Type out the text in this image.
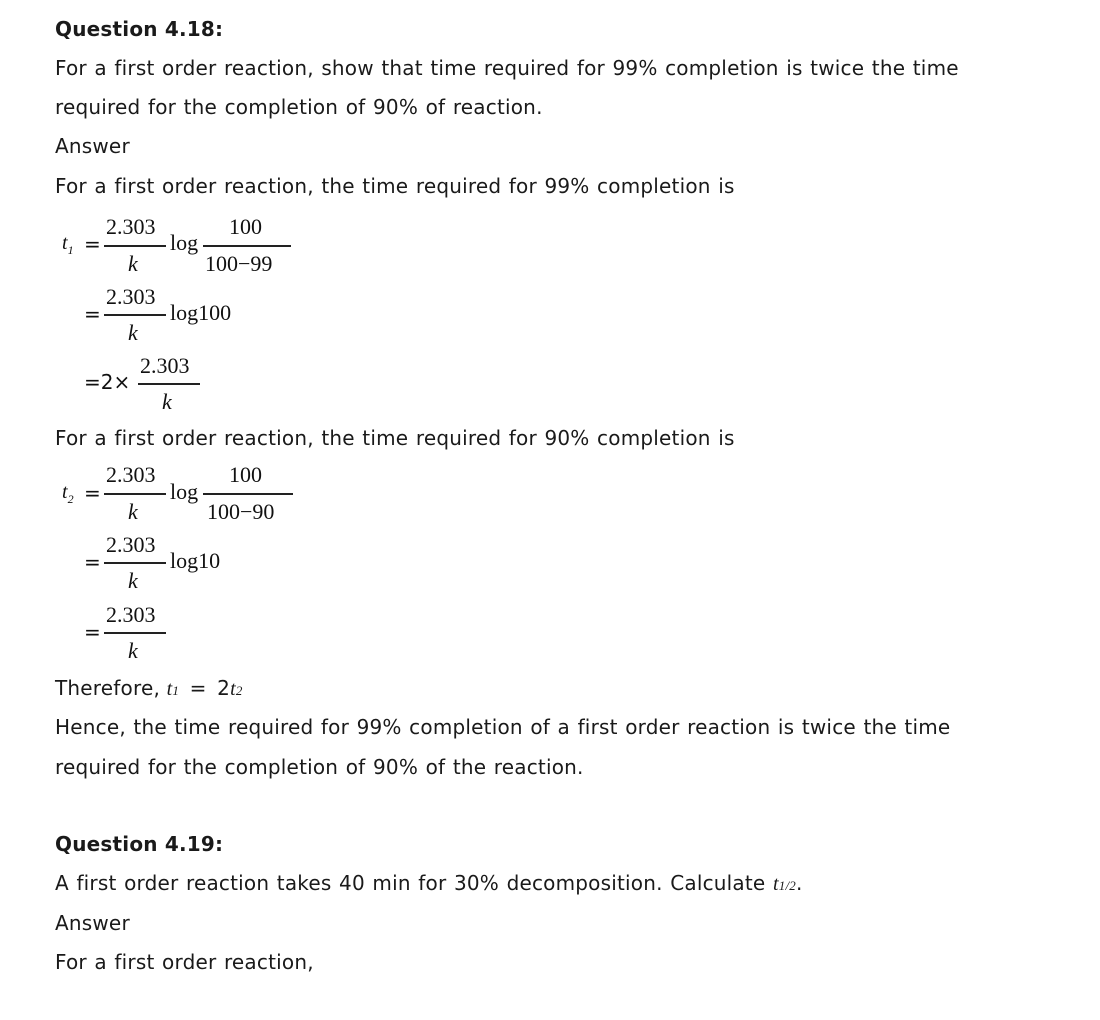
Question 4.18:
For a first order reaction, show that time required for 99% completion is twice the time
required for the completion of 90% of reaction.
Answer
For a first order reaction, the time required for 99% completion is
$t_1$ =
2.303
k
log
100
100−99
=
2.303
k
log100
=2×
2.303
k
For a first order reaction, the time required for 90% completion is
$t_2$ =
2.303
k
log
100
100−90
=
2.303
k
log10
=
2.303
k
Therefore, t1 = 2t2
Hence, the time required for 99% completion of a first order reaction is twice the time
required for the completion of 90% of the reaction.
Question 4.19:
A first order reaction takes 40 min for 30% decomposition. Calculate t1/2.
Answer
For a first order reaction,
